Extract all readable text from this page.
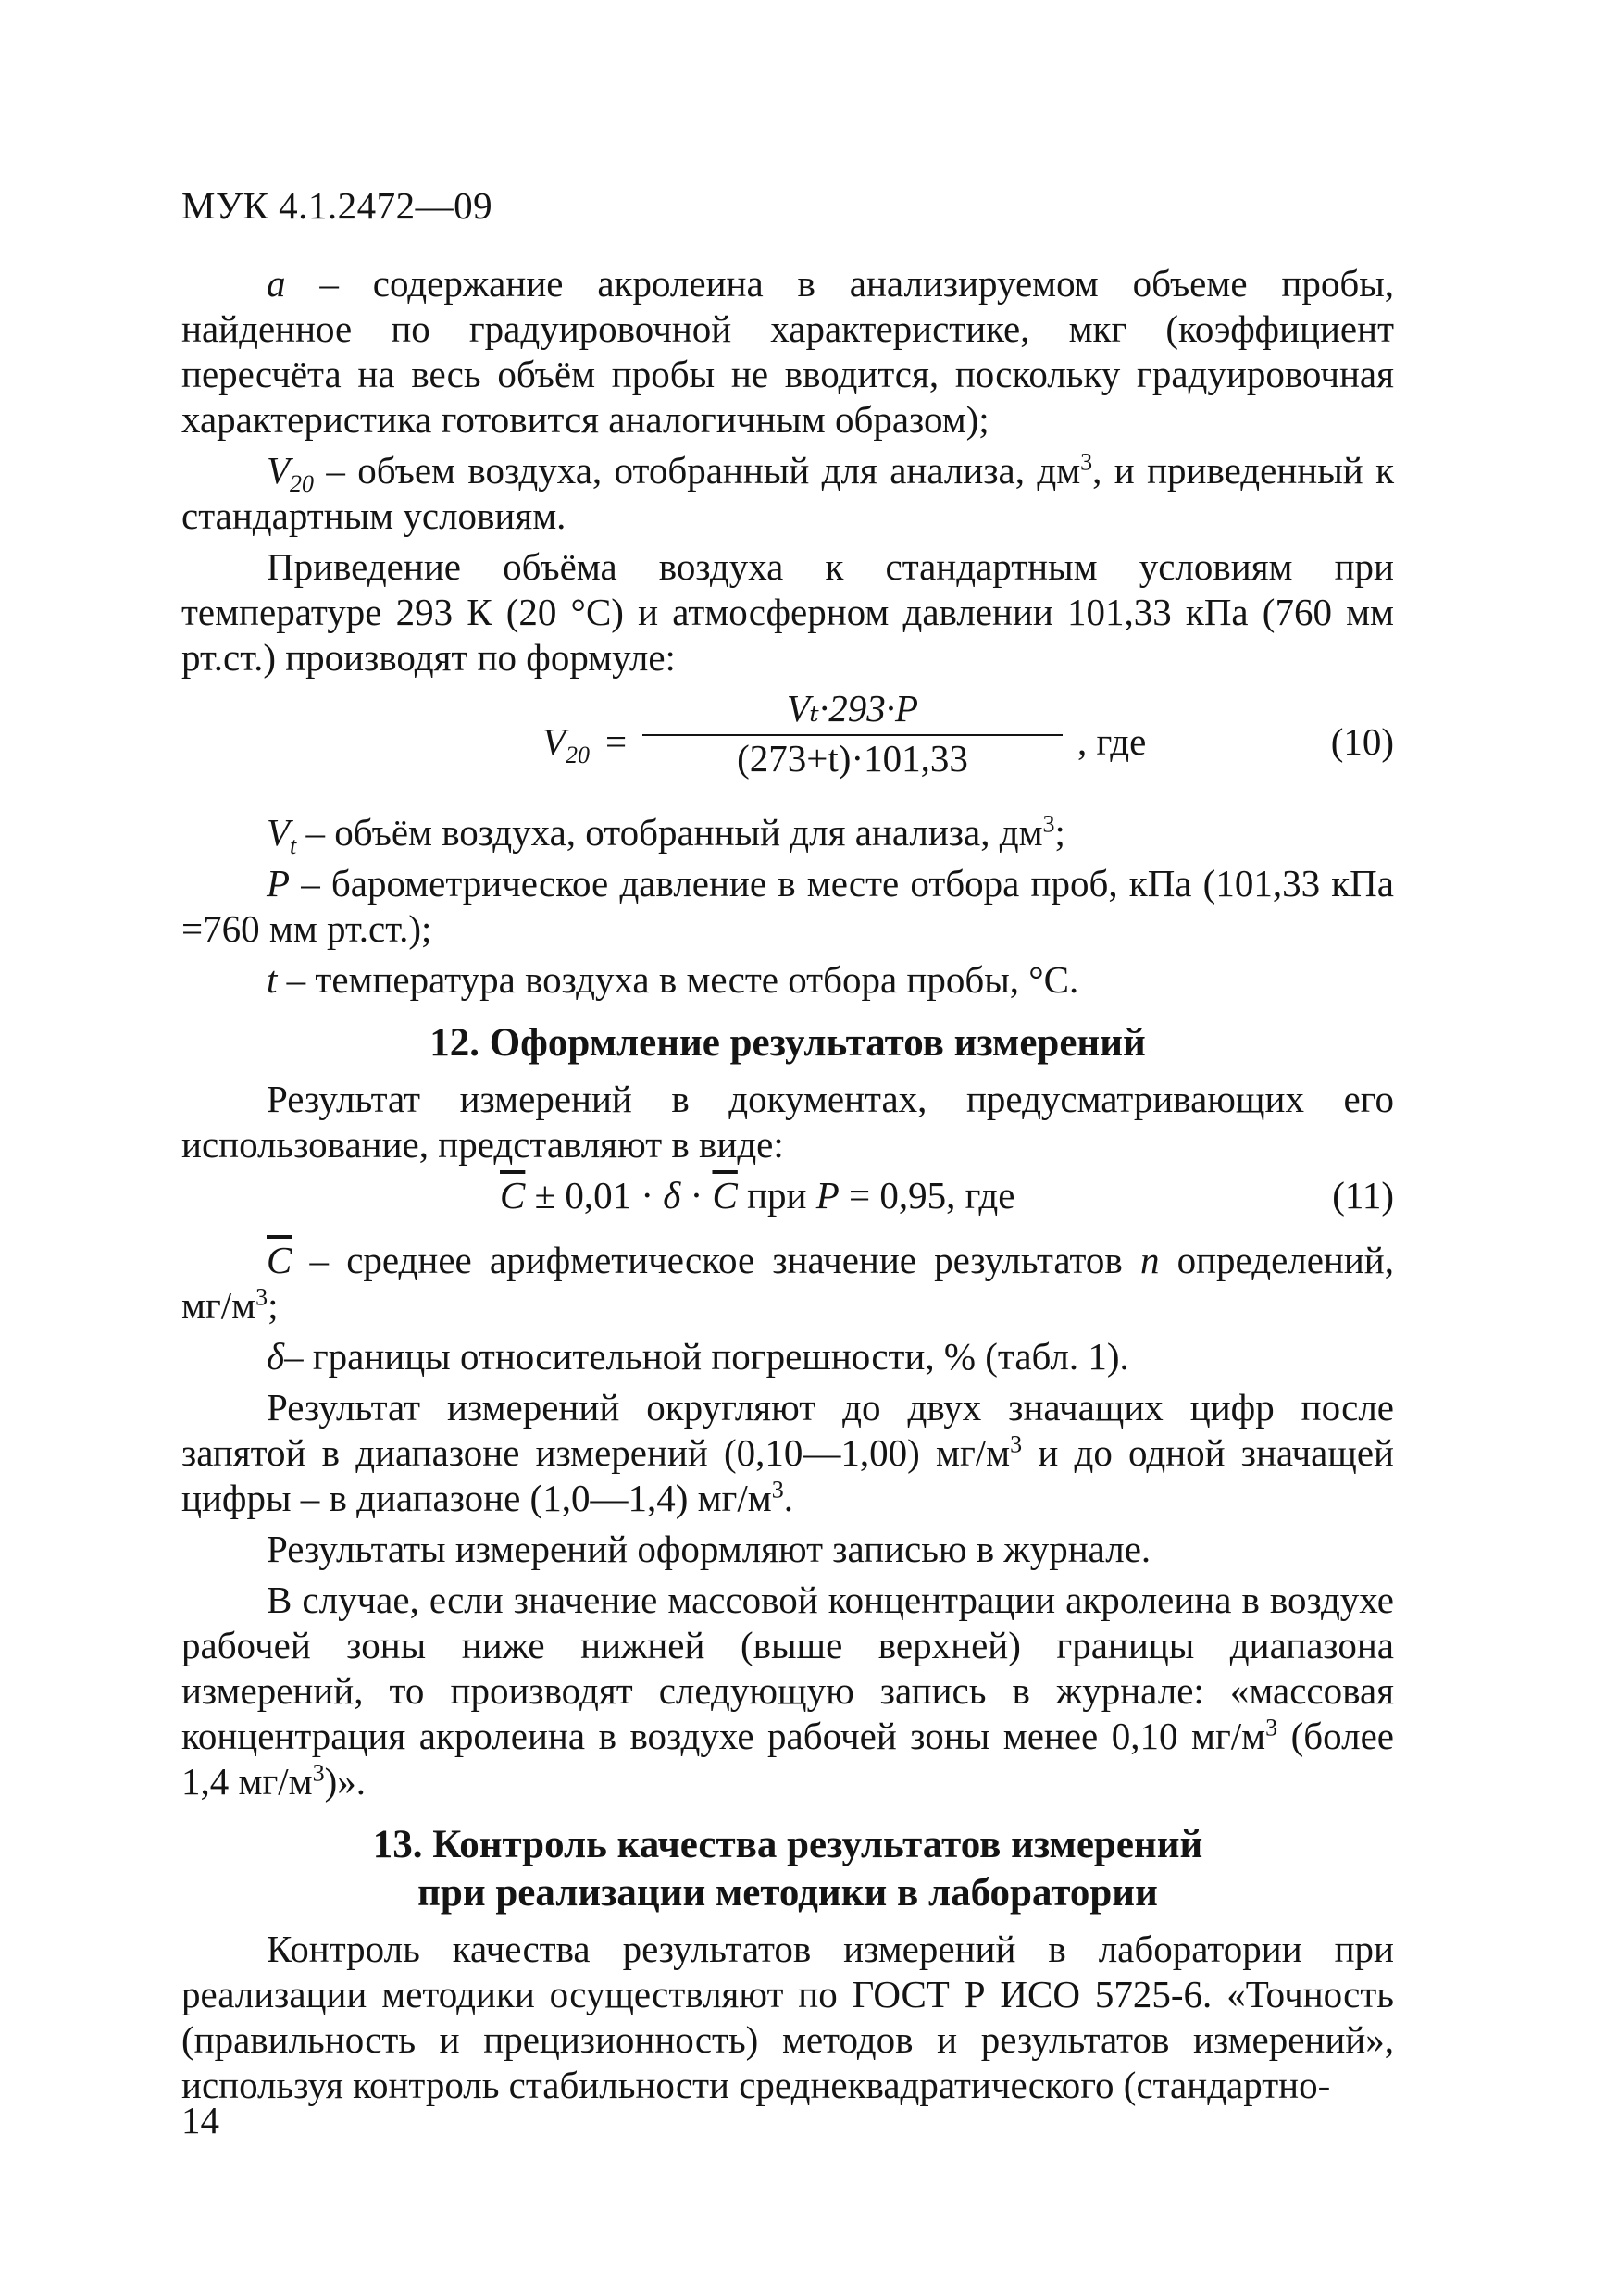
МУК 4.1.2472—09

a – содержание акролеина в анализируемом объеме пробы, найденное по градуировочной характеристике, мкг (коэффициент пересчёта на весь объём пробы не вводится, поскольку градуировочная характеристика готовится аналогичным образом);

$V_{20}$ – объем воздуха, отобранный для анализа, $дм^3$, и приведенный к стандартным условиям.

Приведение объёма воздуха к стандартным условиям при температуре 293 К (20 °С) и атмосферном давлении 101,33 кПа (760 мм рт.ст.) производят по формуле:

$V_{20}$ =
Vₜ·293·P
(273+t)·101,33	, где	(10)

$V_t$ – объём воздуха, отобранный для анализа, $дм^3$;

P – барометрическое давление в месте отбора проб, кПа (101,33 кПа =760 мм рт.ст.);

t – температура воздуха в месте отбора пробы, °С.

12. Оформление результатов измерений

Результат измерений в документах, предусматривающих его использование, представляют в виде:

$\overline{C} \pm 0,01 \cdot \delta \cdot \overline{C}$ при P = 0,95, где	(11)

$\overline{C}$ – среднее арифметическое значение результатов n определений, $мг/м^3$;

δ– границы относительной погрешности, % (табл. 1).

Результат измерений округляют до двух значащих цифр после запятой в диапазоне измерений (0,10—1,00) $мг/м^3$ и до одной значащей цифры – в диапазоне (1,0—1,4) $мг/м^3$.

Результаты измерений оформляют записью в журнале.

В случае, если значение массовой концентрации акролеина в воздухе рабочей зоны ниже нижней (выше верхней) границы диапазона измерений, то производят следующую запись в журнале: «массовая концентрация акролеина в воздухе рабочей зоны менее 0,10 $мг/м^3$ (более 1,4 $мг/м^3$)».

13. Контроль качества результатов измерений
при реализации методики в лаборатории

Контроль качества результатов измерений в лаборатории при реализации методики осуществляют по ГОСТ Р ИСО 5725-6. «Точность (правильность и прецизионность) методов и результатов измерений», используя контроль стабильности среднеквадратического (стандартно-

14
